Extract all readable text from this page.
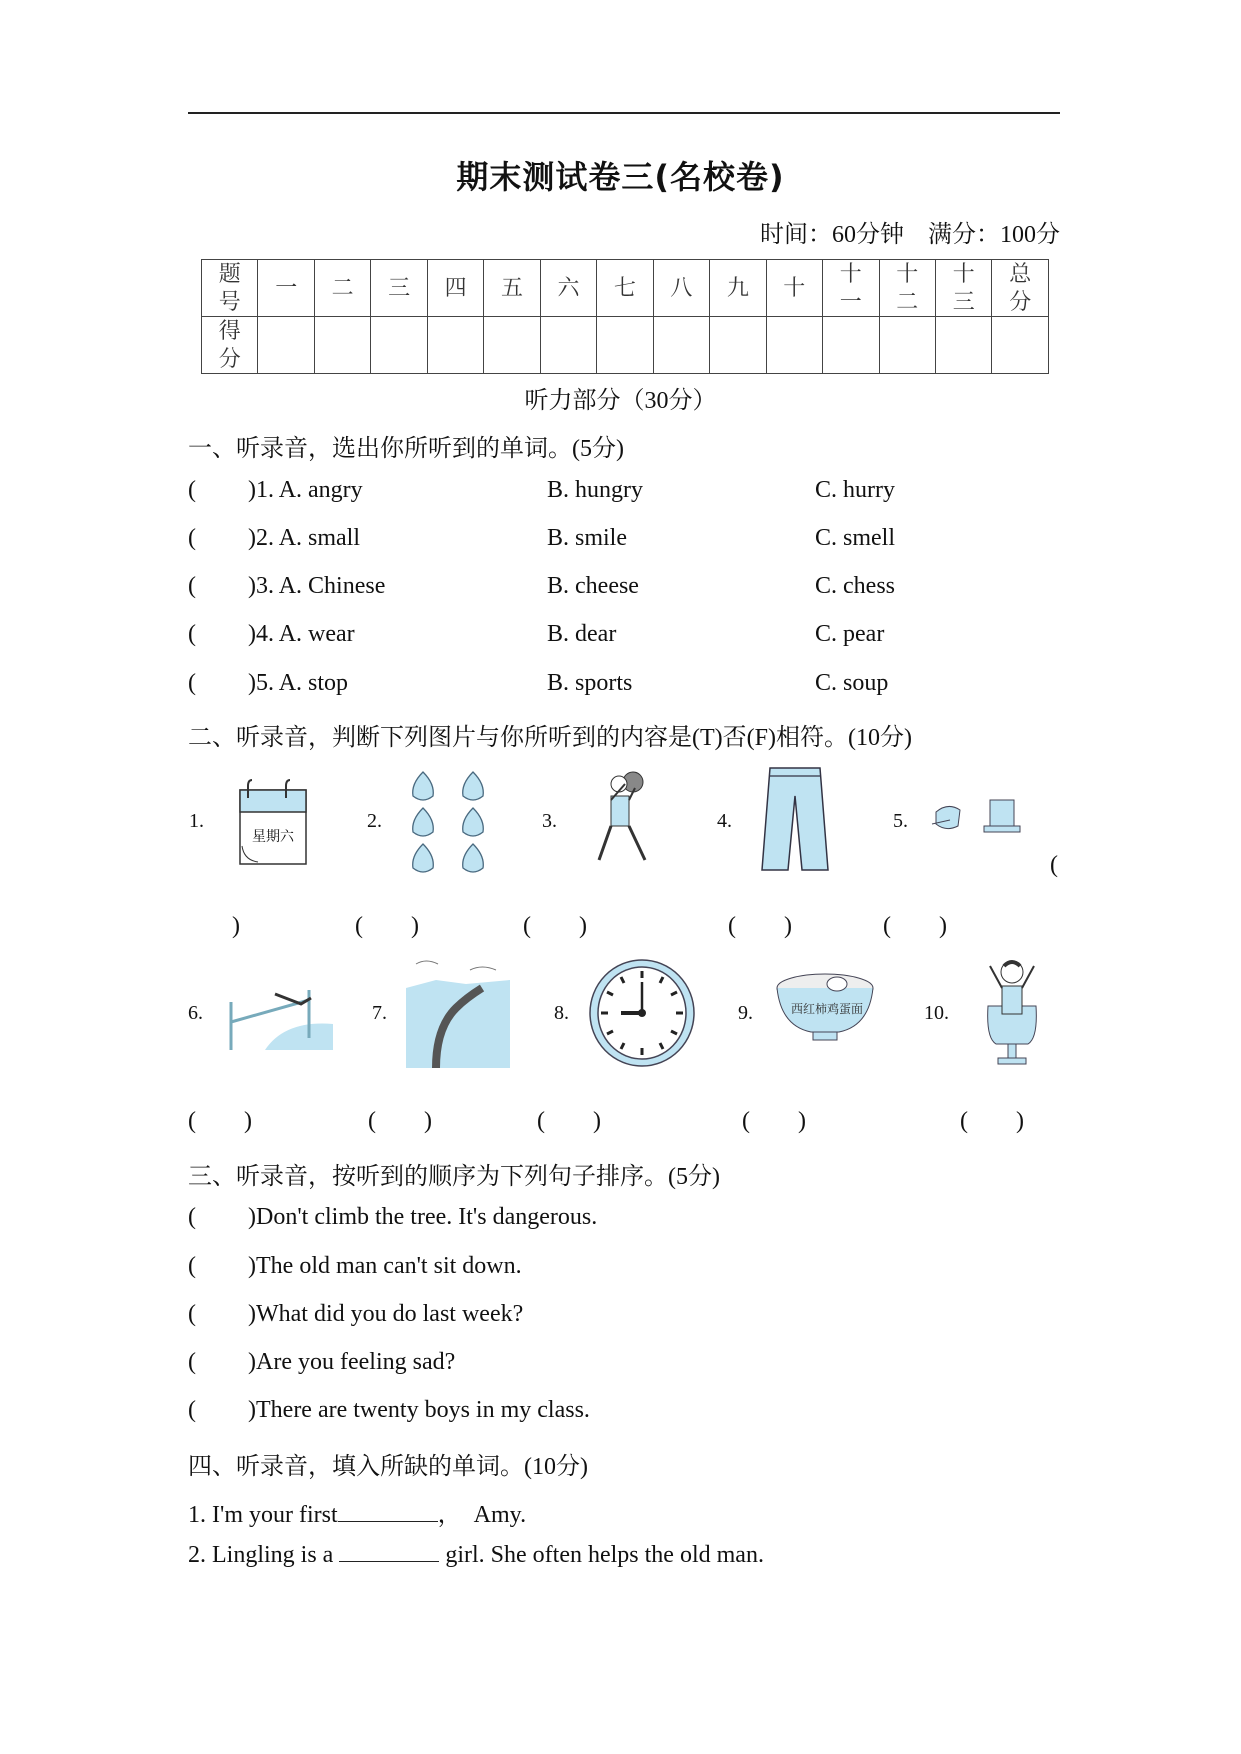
期末测试卷三(名校卷)
时间：60分钟　满分：100分
题号	一	二	三	四	五	六	七	八	九	十	十一	十二	十三	总分
得分														
听力部分（30分）
一、听录音，选出你所听到的单词。(5分)
( )1. A. angry	B. hungry	C. hurry
( )2. A. small	B. smile	C. smell
( )3. A. Chinese	B. cheese	C. chess
( )4. A. wear	B. dear	C. pear
( )5. A. stop	B. sports	C. soup
二、听录音，判断下列图片与你所听到的内容是(T)否(F)相符。(10分)
1.
星期六
2.	3.	4.	5.
(
)	(   )	(   )	(   )	(   )
6.	7.	8.	9.	西红柿鸡蛋面	10.
(   )	(   )	(   )	(   )	(   )
三、听录音，按听到的顺序为下列句子排序。(5分)
( )Don't climb the tree. It's dangerous.
( )The old man can't sit down.
( )What did you do last week?
( )Are you feeling sad?
( )There are twenty boys in my class.
四、听录音，填入所缺的单词。(10分)
1. I'm your first	，　Amy.
2. Lingling is a	girl. She often helps the old man.
